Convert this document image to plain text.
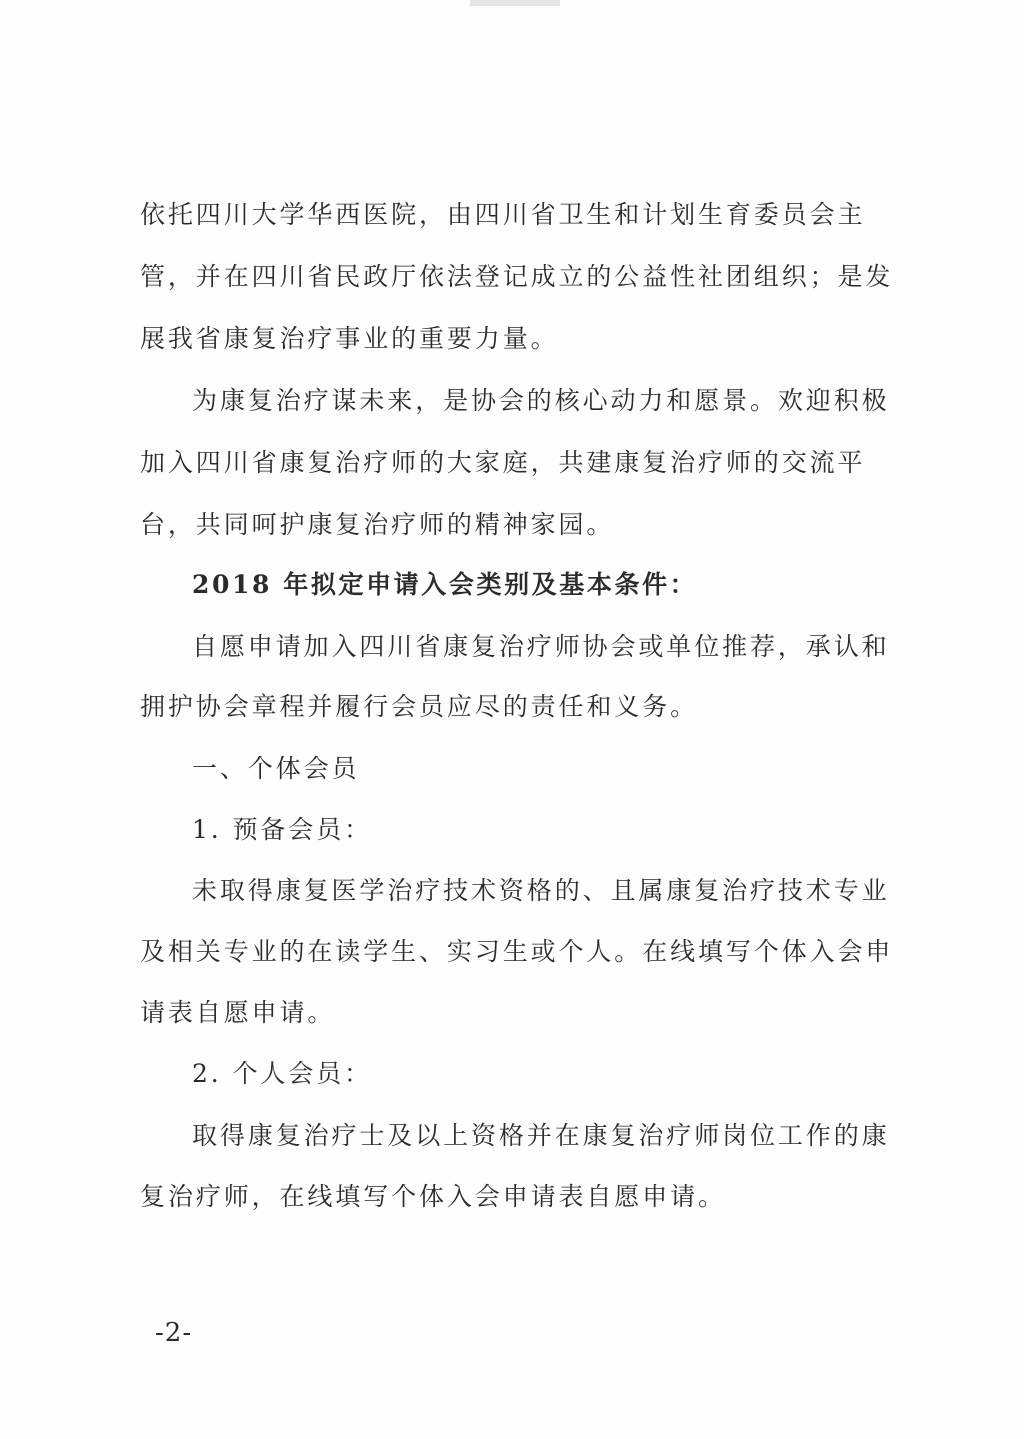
依托四川大学华西医院，由四川省卫生和计划生育委员会主
管，并在四川省民政厅依法登记成立的公益性社团组织；是发
展我省康复治疗事业的重要力量。
为康复治疗谋未来，是协会的核心动力和愿景。欢迎积极
加入四川省康复治疗师的大家庭，共建康复治疗师的交流平
台，共同呵护康复治疗师的精神家园。
2018 年拟定申请入会类别及基本条件：
自愿申请加入四川省康复治疗师协会或单位推荐，承认和
拥护协会章程并履行会员应尽的责任和义务。
一、个体会员
1. 预备会员：
未取得康复医学治疗技术资格的、且属康复治疗技术专业
及相关专业的在读学生、实习生或个人。在线填写个体入会申
请表自愿申请。
2. 个人会员：
取得康复治疗士及以上资格并在康复治疗师岗位工作的康
复治疗师，在线填写个体入会申请表自愿申请。
-2-
